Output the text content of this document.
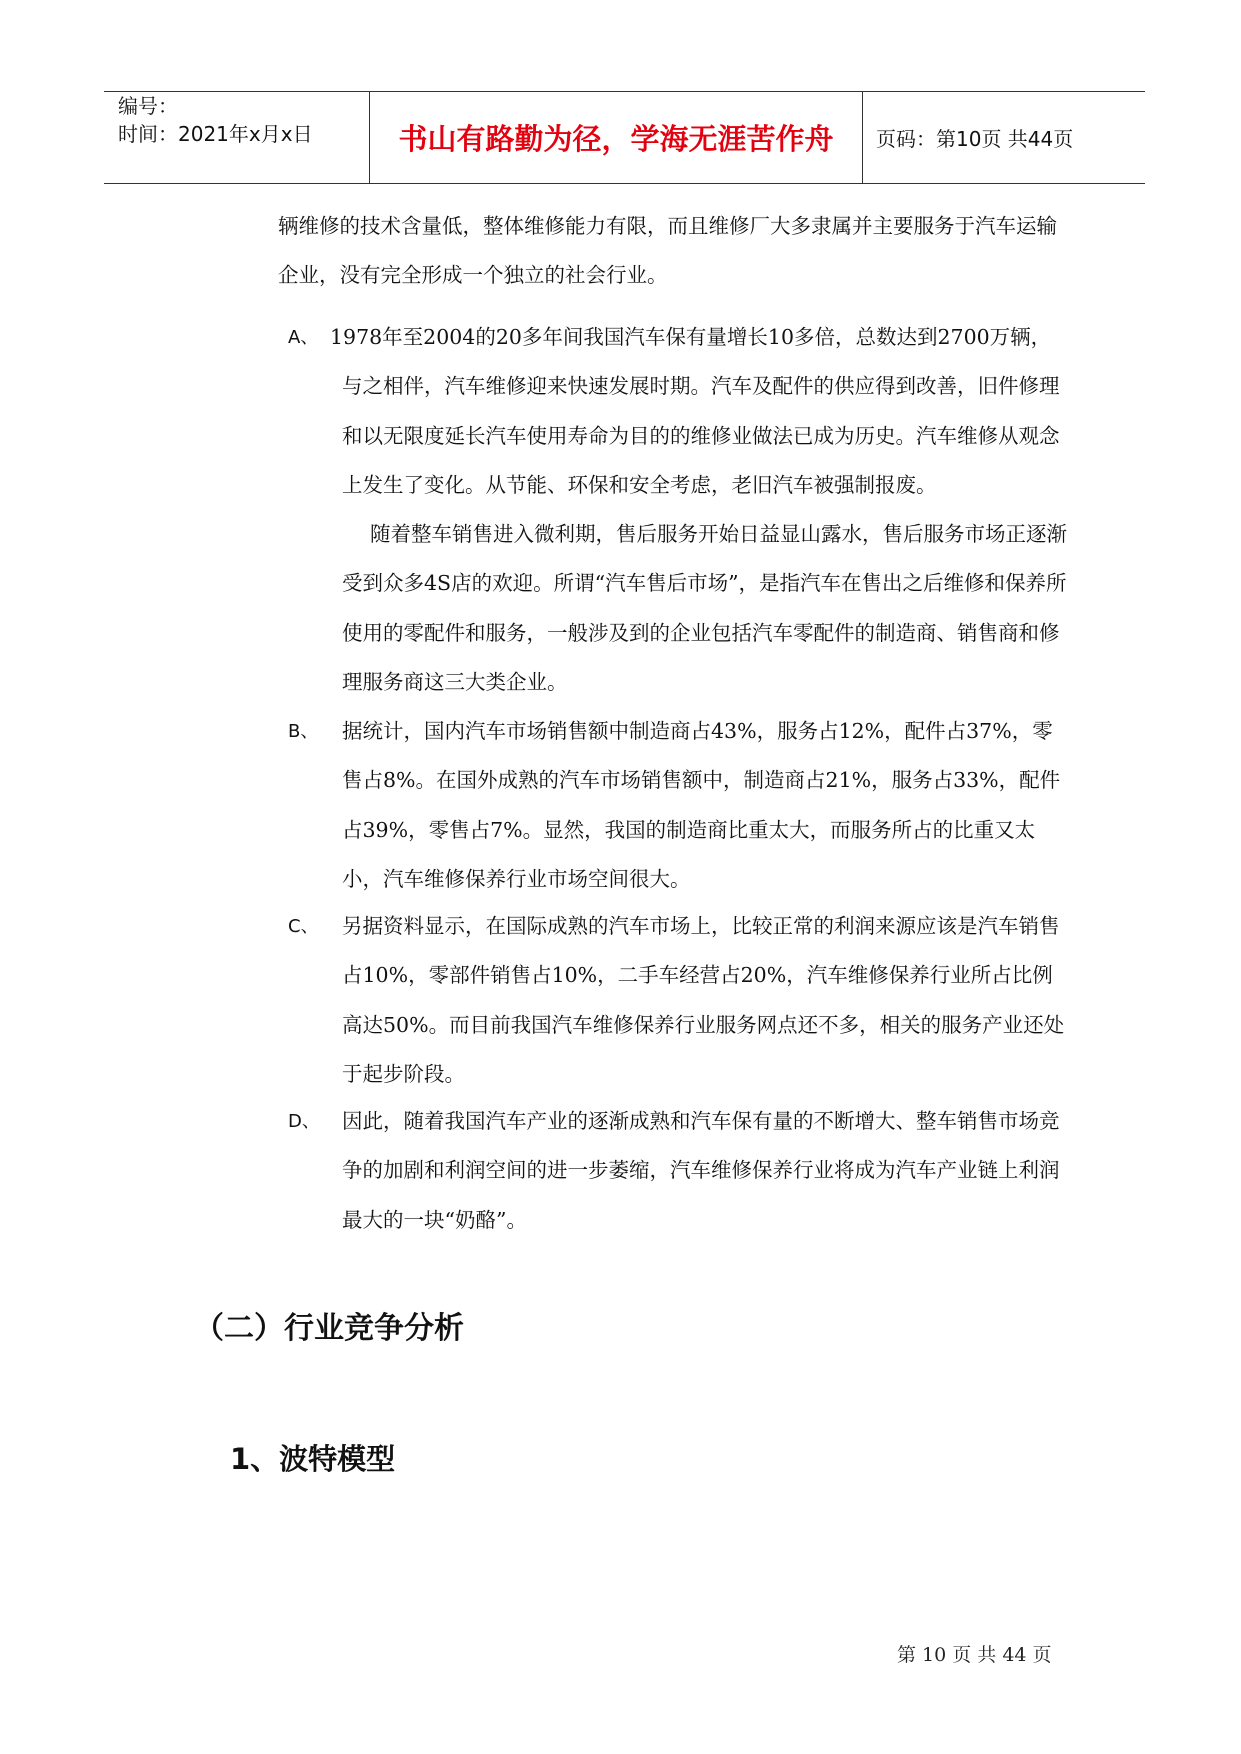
编号：
时间：2021年x月x日	书山有路勤为径，学海无涯苦作舟	页码：第10页 共44页

辆维修的技术含量低，整体维修能力有限，而且维修厂大多隶属并主要服务于汽车运输企业，没有完全形成一个独立的社会行业。

A、 1978年至2004的20多年间我国汽车保有量增长10多倍，总数达到2700万辆，与之相伴，汽车维修迎来快速发展时期。汽车及配件的供应得到改善，旧件修理和以无限度延长汽车使用寿命为目的的维修业做法已成为历史。汽车维修从观念上发生了变化。从节能、环保和安全考虑，老旧汽车被强制报废。
随着整车销售进入微利期，售后服务开始日益显山露水，售后服务市场正逐渐受到众多4S店的欢迎。所谓“汽车售后市场”，是指汽车在售出之后维修和保养所使用的零配件和服务，一般涉及到的企业包括汽车零配件的制造商、销售商和修理服务商这三大类企业。
B、 据统计，国内汽车市场销售额中制造商占43%，服务占12%，配件占37%，零售占8%。在国外成熟的汽车市场销售额中，制造商占21%，服务占33%，配件占39%，零售占7%。显然，我国的制造商比重太大，而服务所占的比重又太小，汽车维修保养行业市场空间很大。
C、 另据资料显示，在国际成熟的汽车市场上，比较正常的利润来源应该是汽车销售占10%，零部件销售占10%，二手车经营占20%，汽车维修保养行业所占比例高达50%。而目前我国汽车维修保养行业服务网点还不多，相关的服务产业还处于起步阶段。
D、 因此，随着我国汽车产业的逐渐成熟和汽车保有量的不断增大、整车销售市场竞争的加剧和利润空间的进一步萎缩，汽车维修保养行业将成为汽车产业链上利润最大的一块“奶酪”。
（二）行业竞争分析
1、波特模型
第 10 页 共 44 页
